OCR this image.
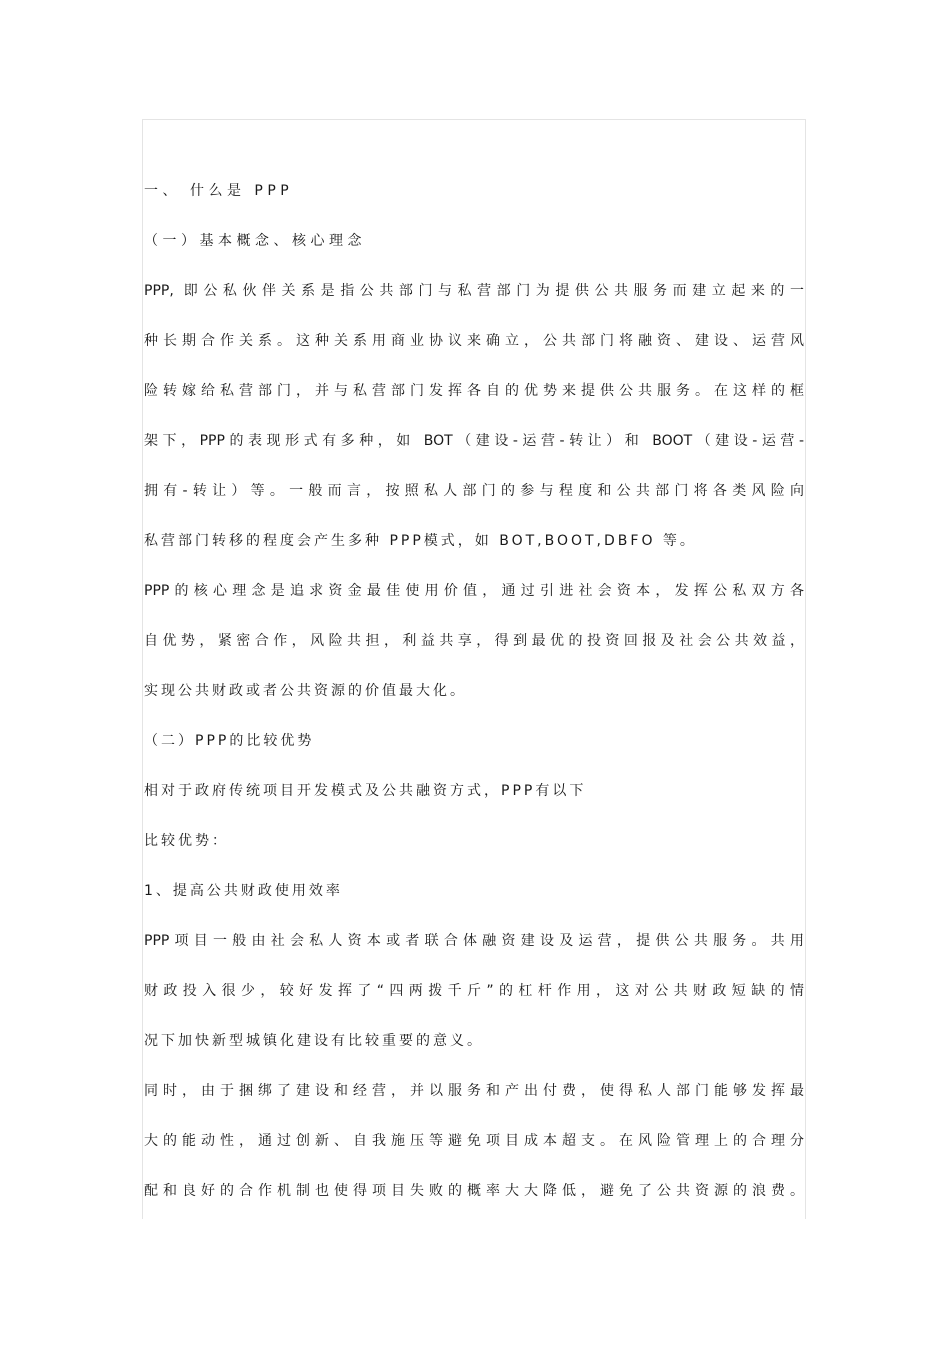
一、 什么是 PPP
（一）基本概念、核心理念
PPP, 即公私伙伴关系是指公共部门与私营部门为提供公共服务而建立起来的一
种长期合作关系。这种关系用商业协议来确立，公共部门将融资、建设、运营风
险转嫁给私营部门，并与私营部门发挥各自的优势来提供公共服务。在这样的框
架下，PPP的表现形式有多种，如 BOT（建设-运营-转让）和 BOOT（建设-运营-
拥有-转让）等。一般而言，按照私人部门的参与程度和公共部门将各类风险向
私营部门转移的程度会产生多种 PPP模式，如 BOT,BOOT,DBFO 等。
PPP的核心理念是追求资金最佳使用价值，通过引进社会资本，发挥公私双方各
自优势，紧密合作，风险共担，利益共享，得到最优的投资回报及社会公共效益，
实现公共财政或者公共资源的价值最大化。
（二）PPP的比较优势
相对于政府传统项目开发模式及公共融资方式，PPP有以下
比较优势：
1、提高公共财政使用效率
PPP项目一般由社会私人资本或者联合体融资建设及运营，提供公共服务。共用
财政投入很少，较好发挥了“四两拨千斤”的杠杆作用，这对公共财政短缺的情
况下加快新型城镇化建设有比较重要的意义。
同时，由于捆绑了建设和经营，并以服务和产出付费，使得私人部门能够发挥最
大的能动性，通过创新、自我施压等避免项目成本超支。在风险管理上的合理分
配和良好的合作机制也使得项目失败的概率大大降低，避免了公共资源的浪费。
